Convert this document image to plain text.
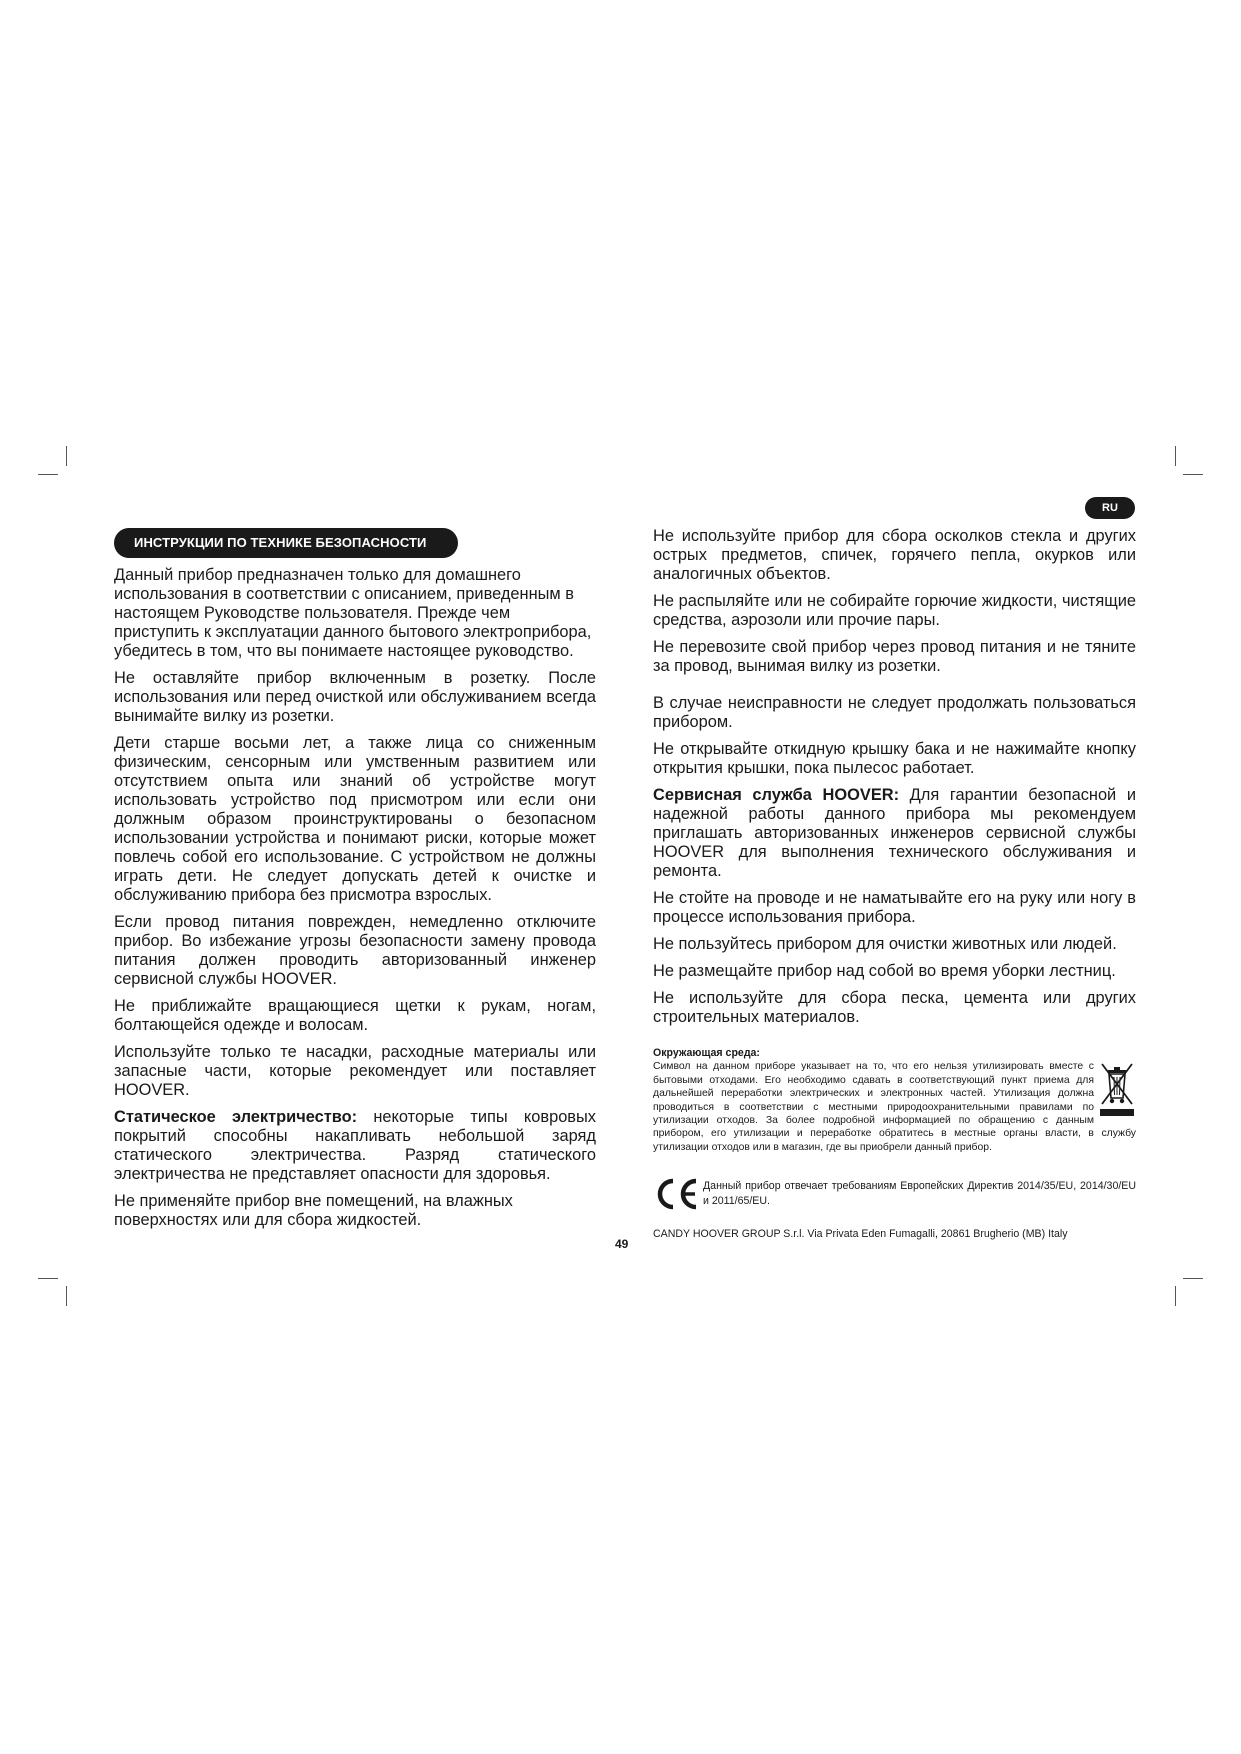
RU
ИНСТРУКЦИИ ПО ТЕХНИКЕ БЕЗОПАСНОСТИ

Данный прибор предназначен только для домашнего использования в соответствии с описанием, приведенным в настоящем Руководстве пользователя. Прежде чем приступить к эксплуатации данного бытового электроприбора, убедитесь в том, что вы понимаете настоящее руководство.

Не оставляйте прибор включенным в розетку. После использования или перед очисткой или обслуживанием всегда вынимайте вилку из розетки.

Дети старше восьми лет, а также лица со сниженным физическим, сенсорным или умственным развитием или отсутствием опыта или знаний об устройстве могут использовать устройство под присмотром или если они должным образом проинструктированы о безопасном использовании устройства и понимают риски, которые может повлечь собой его использование. С устройством не должны играть дети. Не следует допускать детей к очистке и обслуживанию прибора без присмотра взрослых.

Если провод питания поврежден, немедленно отключите прибор. Во избежание угрозы безопасности замену провода питания должен проводить авторизованный инженер сервисной службы HOOVER.

Не приближайте вращающиеся щетки к рукам, ногам, болтающейся одежде и волосам.

Используйте только те насадки, расходные материалы или запасные части, которые рекомендует или поставляет HOOVER.

Статическое электричество: некоторые типы ковровых покрытий способны накапливать небольшой заряд статического электричества. Разряд статического электричества не представляет опасности для здоровья.

Не применяйте прибор вне помещений, на влажных поверхностях или для сбора жидкостей.

Не используйте прибор для сбора осколков стекла и других острых предметов, спичек, горячего пепла, окурков или аналогичных объектов.

Не распыляйте или не собирайте горючие жидкости, чистящие средства, аэрозоли или прочие пары.

Не перевозите свой прибор через провод питания и не тяните за провод, вынимая вилку из розетки.

В случае неисправности не следует продолжать пользоваться прибором.

Не открывайте откидную крышку бака и не нажимайте кнопку открытия крышки, пока пылесос работает.

Сервисная служба HOOVER: Для гарантии безопасной и надежной работы данного прибора мы рекомендуем приглашать авторизованных инженеров сервисной службы HOOVER для выполнения технического обслуживания и ремонта.

Не стойте на проводе и не наматывайте его на руку или ногу в процессе использования прибора.

Не пользуйтесь прибором для очистки животных или людей.

Не размещайте прибор над собой во время уборки лестниц.

Не используйте для сбора песка, цемента или других строительных материалов.

Окружающая среда:

Символ на данном приборе указывает на то, что его нельзя утилизировать вместе с бытовыми отходами. Его необходимо сдавать в соответствующий пункт приема для дальнейшей переработки электрических и электронных частей. Утилизация должна проводиться в соответствии с местными природоохранительными правилами по утилизации отходов. За более подробной информацией по обращению с данным прибором, его утилизации и переработке обратитесь в местные органы власти, в службу утилизации отходов или в магазин, где вы приобрели данный прибор.

Данный прибор отвечает требованиям Европейских Директив 2014/35/EU, 2014/30/EU и 2011/65/EU.
CANDY HOOVER GROUP S.r.l. Via Privata Eden Fumagalli, 20861 Brugherio (MB) Italy
49
